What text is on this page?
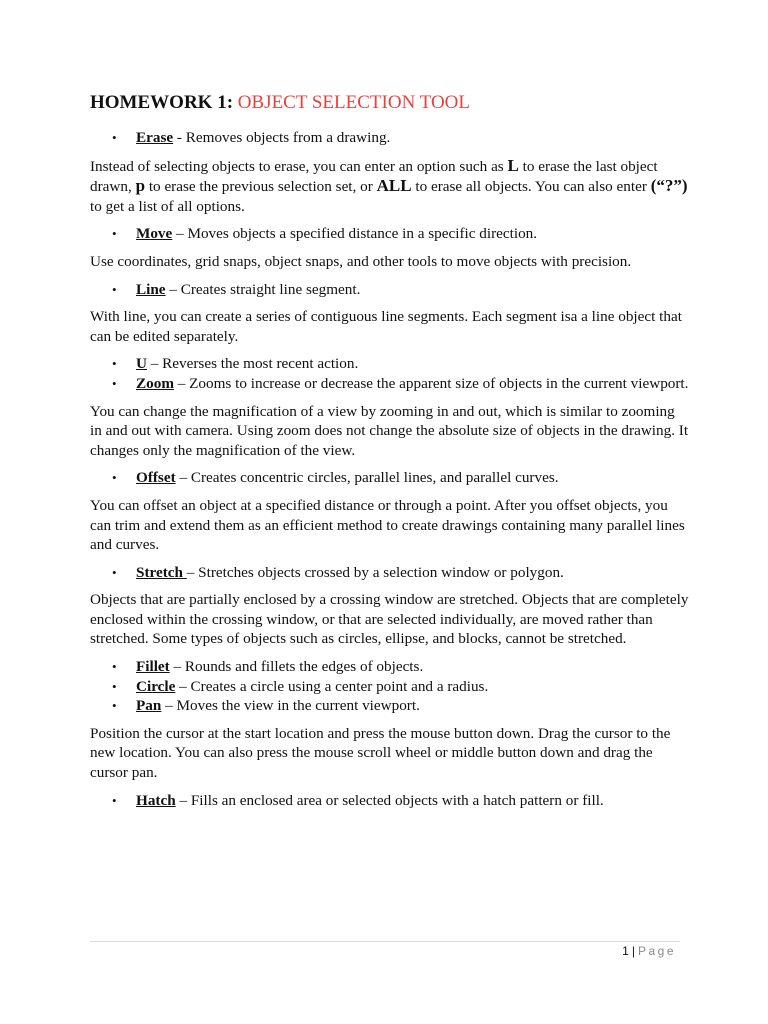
HOMEWORK 1: OBJECT SELECTION TOOL
• Erase - Removes objects from a drawing.

Instead of selecting objects to erase, you can enter an option such as L to erase the last object drawn, p to erase the previous selection set, or ALL to erase all objects. You can also enter (“?”) to get a list of all options.

• Move – Moves objects a specified distance in a specific direction.

Use coordinates, grid snaps, object snaps, and other tools to move objects with precision.

• Line – Creates straight line segment.

With line, you can create a series of contiguous line segments. Each segment isa a line object that can be edited separately.

• U – Reverses the most recent action.
• Zoom – Zooms to increase or decrease the apparent size of objects in the current viewport.

You can change the magnification of a view by zooming in and out, which is similar to zooming in and out with camera. Using zoom does not change the absolute size of objects in the drawing. It changes only the magnification of the view.

• Offset – Creates concentric circles, parallel lines, and parallel curves.

You can offset an object at a specified distance or through a point. After you offset objects, you can trim and extend them as an efficient method to create drawings containing many parallel lines and curves.

• Stretch – Stretches objects crossed by a selection window or polygon.

Objects that are partially enclosed by a crossing window are stretched. Objects that are completely enclosed within the crossing window, or that are selected individually, are moved rather than stretched. Some types of objects such as circles, ellipse, and blocks, cannot be stretched.

• Fillet – Rounds and fillets the edges of objects.
• Circle – Creates a circle using a center point and a radius.
• Pan – Moves the view in the current viewport.

Position the cursor at the start location and press the mouse button down. Drag the cursor to the new location. You can also press the mouse scroll wheel or middle button down and drag the cursor pan.

• Hatch – Fills an enclosed area or selected objects with a hatch pattern or fill.
1 | Page
